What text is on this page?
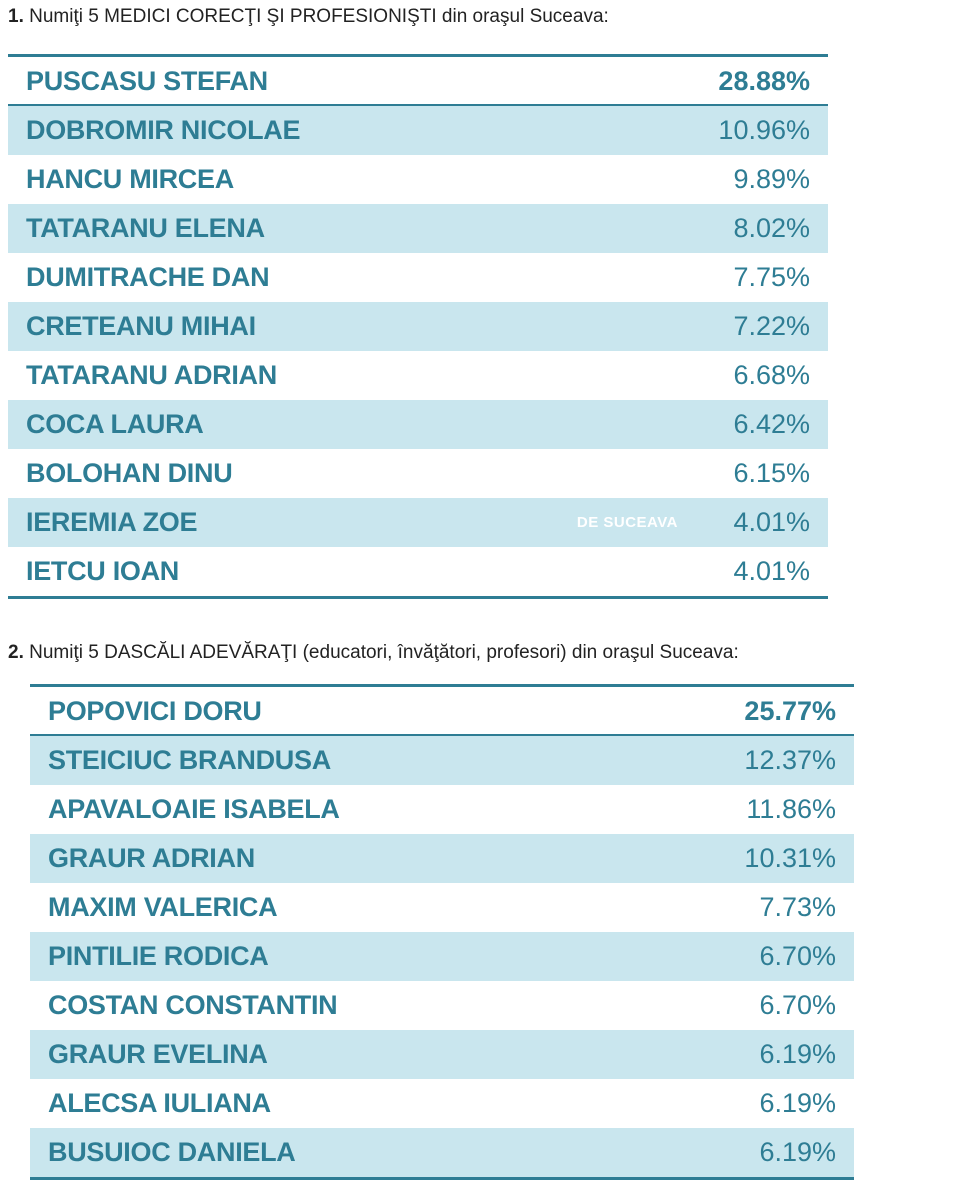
1. Numiţi 5 MEDICI CORECŢI ŞI PROFESIONIŞTI din oraşul Suceava:
PUSCASU STEFAN	28.88%
DOBROMIR NICOLAE	10.96%
HANCU MIRCEA	9.89%
TATARANU ELENA	8.02%
DUMITRACHE DAN	7.75%
CRETEANU MIHAI	7.22%
TATARANU ADRIAN	6.68%
COCA LAURA	6.42%
BOLOHAN DINU	6.15%
IEREMIA ZOE	DE SUCEAVA 4.01%
IETCU IOAN	4.01%
2. Numiţi 5 DASCĂLI ADEVĂRAŢI (educatori, învăţători, profesori) din oraşul Suceava:
POPOVICI DORU	25.77%
STEICIUC BRANDUSA	12.37%
APAVALOAIE ISABELA	11.86%
GRAUR ADRIAN	10.31%
MAXIM VALERICA	7.73%
PINTILIE RODICA	6.70%
COSTAN CONSTANTIN	6.70%
GRAUR EVELINA	6.19%
ALECSA IULIANA	6.19%
BUSUIOC DANIELA	6.19%
